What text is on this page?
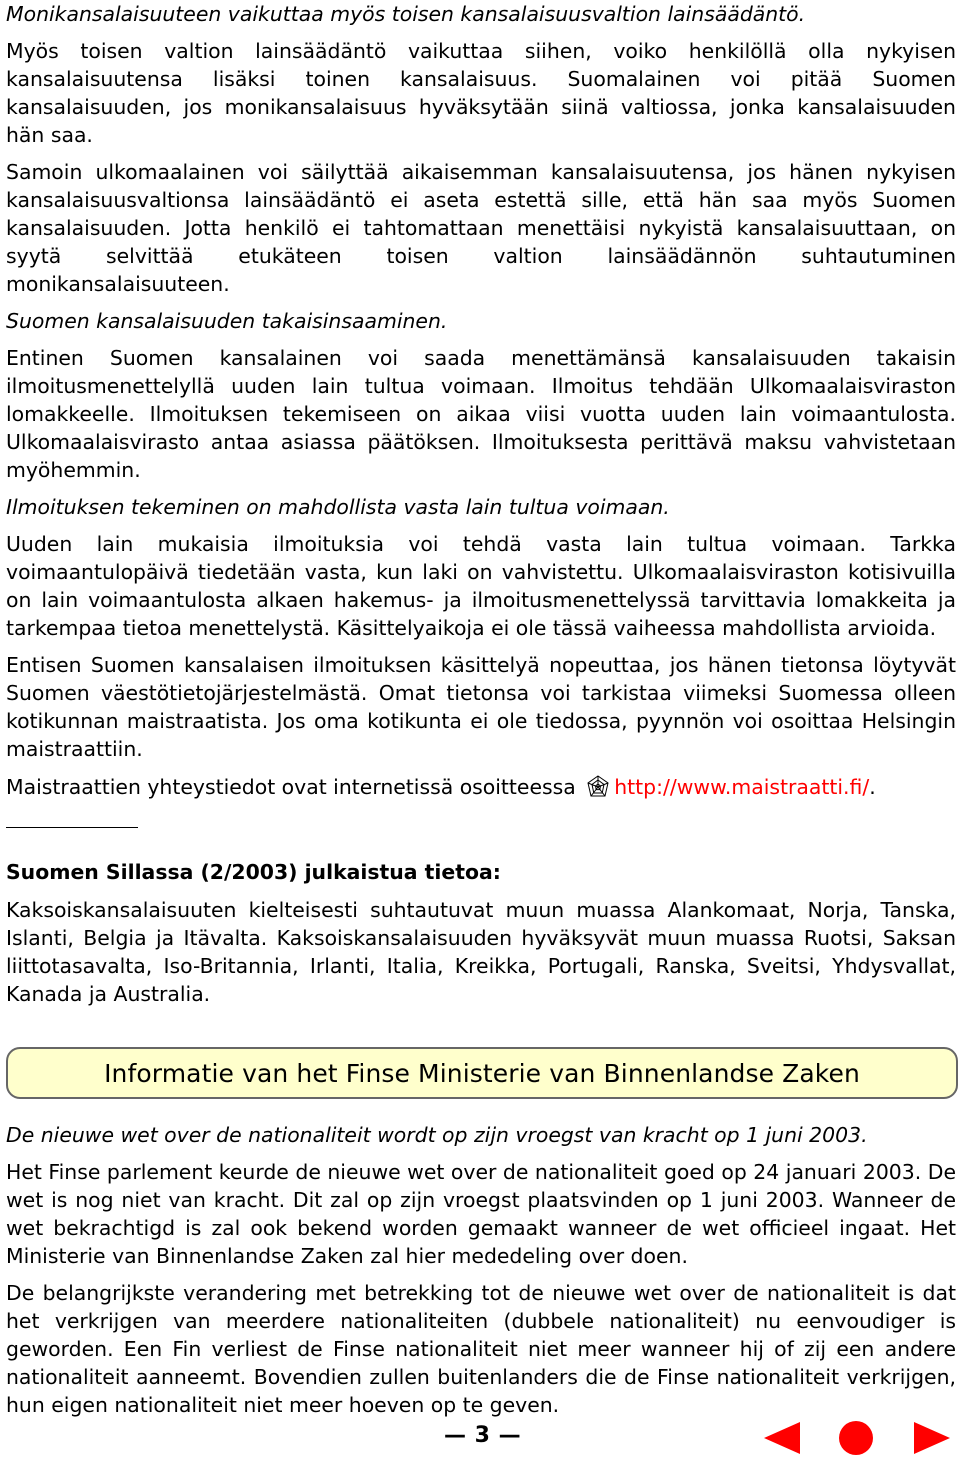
Monikansalaisuuteen vaikuttaa myös toisen kansalaisuusvaltion lainsäädäntö.

Myös toisen valtion lainsäädäntö vaikuttaa siihen, voiko henkilöllä olla nykyisen kansalaisuutensa lisäksi toinen kansalaisuus. Suomalainen voi pitää Suomen kansalaisuuden, jos monikansalaisuus hyväksytään siinä valtiossa, jonka kansalaisuuden hän saa.

Samoin ulkomaalainen voi säilyttää aikaisemman kansalaisuutensa, jos hänen nykyisen kansalaisuusvaltionsa lainsäädäntö ei aseta estettä sille, että hän saa myös Suomen kansalaisuuden. Jotta henkilö ei tahtomattaan menettäisi nykyistä kansalaisuuttaan, on syytä selvittää etukäteen toisen valtion lainsäädännön suhtautuminen monikansalaisuuteen.

Suomen kansalaisuuden takaisinsaaminen.

Entinen Suomen kansalainen voi saada menettämänsä kansalaisuuden takaisin ilmoitusmenettelyllä uuden lain tultua voimaan. Ilmoitus tehdään Ulkomaalaisviraston lomakkeelle. Ilmoituksen tekemiseen on aikaa viisi vuotta uuden lain voimaantulosta. Ulkomaalaisvirasto antaa asiassa päätöksen. Ilmoituksesta perittävä maksu vahvistetaan myöhemmin.

Ilmoituksen tekeminen on mahdollista vasta lain tultua voimaan.

Uuden lain mukaisia ilmoituksia voi tehdä vasta lain tultua voimaan. Tarkka voimaantulopäivä tiedetään vasta, kun laki on vahvistettu. Ulkomaalaisviraston kotisivuilla on lain voimaantulosta alkaen hakemus- ja ilmoitusmenettelyssä tarvittavia lomakkeita ja tarkempaa tietoa menettelystä. Käsittelyaikoja ei ole tässä vaiheessa mahdollista arvioida.

Entisen Suomen kansalaisen ilmoituksen käsittelyä nopeuttaa, jos hänen tietonsa löytyvät Suomen väestötietojärjestelmästä. Omat tietonsa voi tarkistaa viimeksi Suomessa olleen kotikunnan maistraatista. Jos oma kotikunta ei ole tiedossa, pyynnön voi osoittaa Helsingin maistraattiin.

Maistraattien yhteystiedot ovat internetissä osoitteessa http://www.maistraatti.fi/.

Suomen Sillassa (2/2003) julkaistua tietoa:

Kaksoiskansalaisuuten kielteisesti suhtautuvat muun muassa Alankomaat, Norja, Tanska, Islanti, Belgia ja Itävalta. Kaksoiskansalaisuuden hyväksyvät muun muassa Ruotsi, Saksan liittotasavalta, Iso-Britannia, Irlanti, Italia, Kreikka, Portugali, Ranska, Sveitsi, Yhdysvallat, Kanada ja Australia.

Informatie van het Finse Ministerie van Binnenlandse Zaken

De nieuwe wet over de nationaliteit wordt op zijn vroegst van kracht op 1 juni 2003.

Het Finse parlement keurde de nieuwe wet over de nationaliteit goed op 24 januari 2003. De wet is nog niet van kracht. Dit zal op zijn vroegst plaatsvinden op 1 juni 2003. Wanneer de wet bekrachtigd is zal ook bekend worden gemaakt wanneer de wet officieel ingaat. Het Ministerie van Binnenlandse Zaken zal hier mededeling over doen.

De belangrijkste verandering met betrekking tot de nieuwe wet over de nationaliteit is dat het verkrijgen van meerdere nationaliteiten (dubbele nationaliteit) nu eenvoudiger is geworden. Een Fin verliest de Finse nationaliteit niet meer wanneer hij of zij een andere nationaliteit aanneemt. Bovendien zullen buitenlanders die de Finse nationaliteit verkrijgen, hun eigen nationaliteit niet meer hoeven op te geven.

— 3 —
